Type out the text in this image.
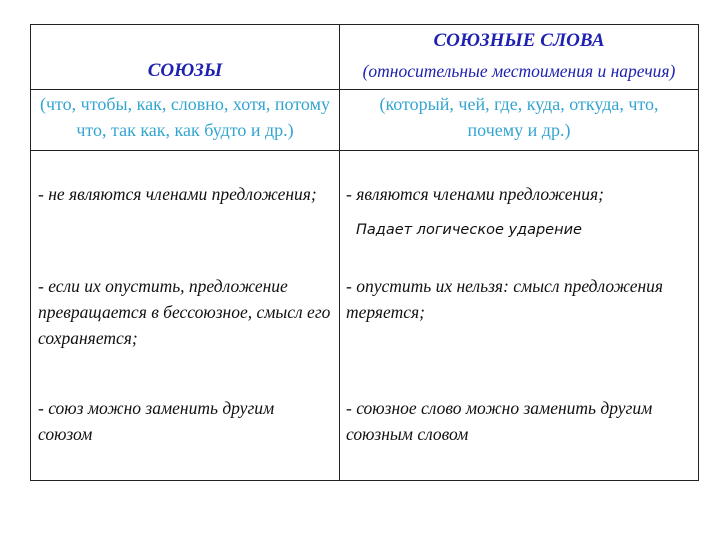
СОЮЗЫ
СОЮЗНЫЕ СЛОВА
(относительные местоимения и наречия)
(что, чтобы, как, словно, хотя, потому что, так как, как будто и др.)
(который, чей, где, куда, откуда, что, почему и др.)
- не являются членами предложения;
- если их опустить, предложение превращается в бессоюзное, смысл его сохраняется;
- союз можно заменить другим союзом
- являются членами предложения;
Падает логическое ударение
- опустить их нельзя: смысл предложения теряется;
- союзное слово можно заменить другим союзным словом
